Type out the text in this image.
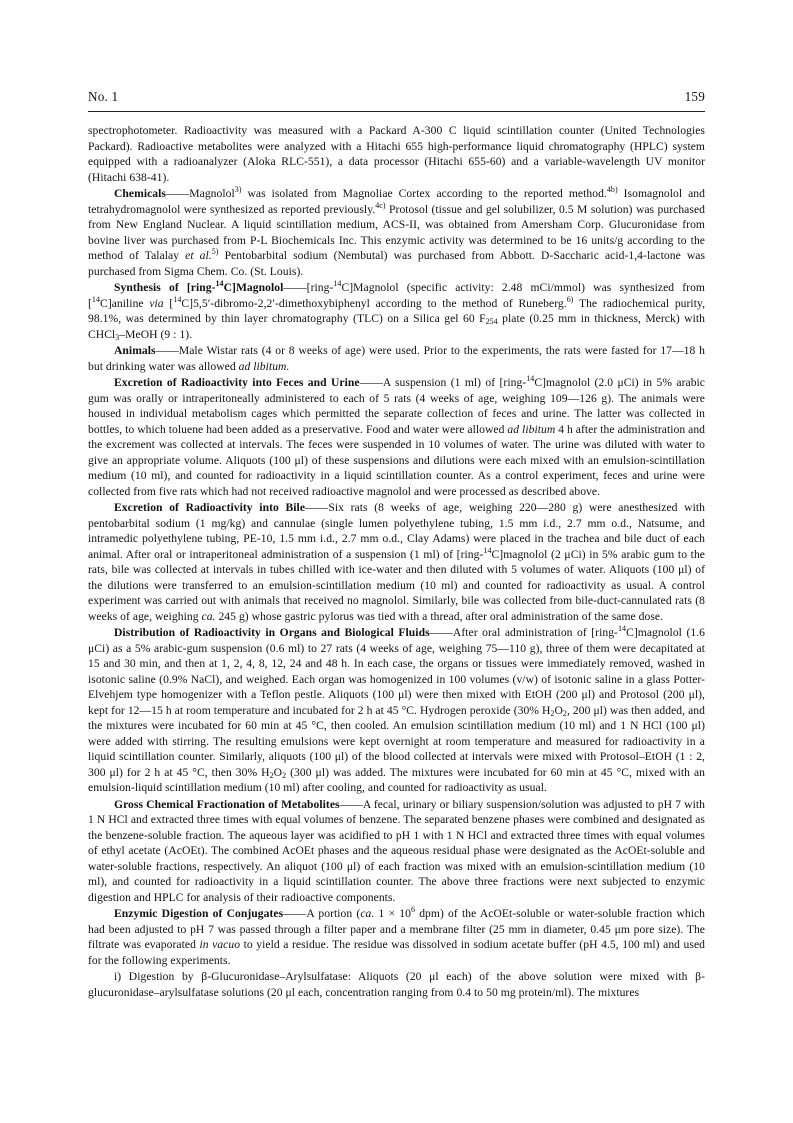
No. 1	159

spectrophotometer. Radioactivity was measured with a Packard A-300 C liquid scintillation counter (United Technologies Packard). Radioactive metabolites were analyzed with a Hitachi 655 high-performance liquid chromatography (HPLC) system equipped with a radioanalyzer (Aloka RLC-551), a data processor (Hitachi 655-60) and a variable-wavelength UV monitor (Hitachi 638-41).

Chemicals——Magnolol$^{3)}$ was isolated from Magnoliae Cortex according to the reported method.$^{4b)}$ Isomagnolol and tetrahydromagnolol were synthesized as reported previously.$^{4c)}$ Protosol (tissue and gel solubilizer, 0.5 M solution) was purchased from New England Nuclear. A liquid scintillation medium, ACS-II, was obtained from Amersham Corp. Glucuronidase from bovine liver was purchased from P-L Biochemicals Inc. This enzymic activity was determined to be 16 units/g according to the method of Talalay et al.$^{5)}$ Pentobarbital sodium (Nembutal) was purchased from Abbott. D-Saccharic acid-1,4-lactone was purchased from Sigma Chem. Co. (St. Louis).

Synthesis of [ring-$^{14}$C]Magnolol——[ring-$^{14}$C]Magnolol (specific activity: 2.48 mCi/mmol) was synthesized from [$^{14}$C]aniline via [$^{14}$C]5,5′-dibromo-2,2′-dimethoxybiphenyl according to the method of Runeberg.$^{6)}$ The radiochemical purity, 98.1%, was determined by thin layer chromatography (TLC) on a Silica gel 60 $F_{254}$ plate (0.25 mm in thickness, Merck) with CHCl$_3$–MeOH (9 : 1).

Animals——Male Wistar rats (4 or 8 weeks of age) were used. Prior to the experiments, the rats were fasted for 17—18 h but drinking water was allowed ad libitum.

Excretion of Radioactivity into Feces and Urine——A suspension (1 ml) of [ring-$^{14}$C]magnolol (2.0 μCi) in 5% arabic gum was orally or intraperitoneally administered to each of 5 rats (4 weeks of age, weighing 109—126 g). The animals were housed in individual metabolism cages which permitted the separate collection of feces and urine. The latter was collected in bottles, to which toluene had been added as a preservative. Food and water were allowed ad libitum 4 h after the administration and the excrement was collected at intervals. The feces were suspended in 10 volumes of water. The urine was diluted with water to give an appropriate volume. Aliquots (100 μl) of these suspensions and dilutions were each mixed with an emulsion-scintillation medium (10 ml), and counted for radioactivity in a liquid scintillation counter. As a control experiment, feces and urine were collected from five rats which had not received radioactive magnolol and were processed as described above.

Excretion of Radioactivity into Bile——Six rats (8 weeks of age, weighing 220—280 g) were anesthesized with pentobarbital sodium (1 mg/kg) and cannulae (single lumen polyethylene tubing, 1.5 mm i.d., 2.7 mm o.d., Natsume, and intramedic polyethylene tubing, PE-10, 1.5 mm i.d., 2.7 mm o.d., Clay Adams) were placed in the trachea and bile duct of each animal. After oral or intraperitoneal administration of a suspension (1 ml) of [ring-$^{14}$C]magnolol (2 μCi) in 5% arabic gum to the rats, bile was collected at intervals in tubes chilled with ice-water and then diluted with 5 volumes of water. Aliquots (100 μl) of the dilutions were transferred to an emulsion-scintillation medium (10 ml) and counted for radioactivity as usual. A control experiment was carried out with animals that received no magnolol. Similarly, bile was collected from bile-duct-cannulated rats (8 weeks of age, weighing ca. 245 g) whose gastric pylorus was tied with a thread, after oral administration of the same dose.

Distribution of Radioactivity in Organs and Biological Fluids——After oral administration of [ring-$^{14}$C]magnolol (1.6 μCi) as a 5% arabic-gum suspension (0.6 ml) to 27 rats (4 weeks of age, weighing 75—110 g), three of them were decapitated at 15 and 30 min, and then at 1, 2, 4, 8, 12, 24 and 48 h. In each case, the organs or tissues were immediately removed, washed in isotonic saline (0.9% NaCl), and weighed. Each organ was homogenized in 100 volumes (v/w) of isotonic saline in a glass Potter-Elvehjem type homogenizer with a Teflon pestle. Aliquots (100 μl) were then mixed with EtOH (200 μl) and Protosol (200 μl), kept for 12—15 h at room temperature and incubated for 2 h at 45 °C. Hydrogen peroxide (30% $H_2O_2$, 200 μl) was then added, and the mixtures were incubated for 60 min at 45 °C, then cooled. An emulsion scintillation medium (10 ml) and 1 N HCl (100 μl) were added with stirring. The resulting emulsions were kept overnight at room temperature and measured for radioactivity in a liquid scintillation counter. Similarly, aliquots (100 μl) of the blood collected at intervals were mixed with Protosol–EtOH (1 : 2, 300 μl) for 2 h at 45 °C, then 30% $H_2O_2$ (300 μl) was added. The mixtures were incubated for 60 min at 45 °C, mixed with an emulsion-liquid scintillation medium (10 ml) after cooling, and counted for radioactivity as usual.

Gross Chemical Fractionation of Metabolites——A fecal, urinary or biliary suspension/solution was adjusted to pH 7 with 1 N HCl and extracted three times with equal volumes of benzene. The separated benzene phases were combined and designated as the benzene-soluble fraction. The aqueous layer was acidified to pH 1 with 1 N HCl and extracted three times with equal volumes of ethyl acetate (AcOEt). The combined AcOEt phases and the aqueous residual phase were designated as the AcOEt-soluble and water-soluble fractions, respectively. An aliquot (100 μl) of each fraction was mixed with an emulsion-scintillation medium (10 ml), and counted for radioactivity in a liquid scintillation counter. The above three fractions were next subjected to enzymic digestion and HPLC for analysis of their radioactive components.

Enzymic Digestion of Conjugates——A portion (ca. $1 \times 10^6$ dpm) of the AcOEt-soluble or water-soluble fraction which had been adjusted to pH 7 was passed through a filter paper and a membrane filter (25 mm in diameter, 0.45 μm pore size). The filtrate was evaporated in vacuo to yield a residue. The residue was dissolved in sodium acetate buffer (pH 4.5, 100 ml) and used for the following experiments.

i) Digestion by β-Glucuronidase–Arylsulfatase: Aliquots (20 μl each) of the above solution were mixed with β-glucuronidase–arylsulfatase solutions (20 μl each, concentration ranging from 0.4 to 50 mg protein/ml). The mixtures
